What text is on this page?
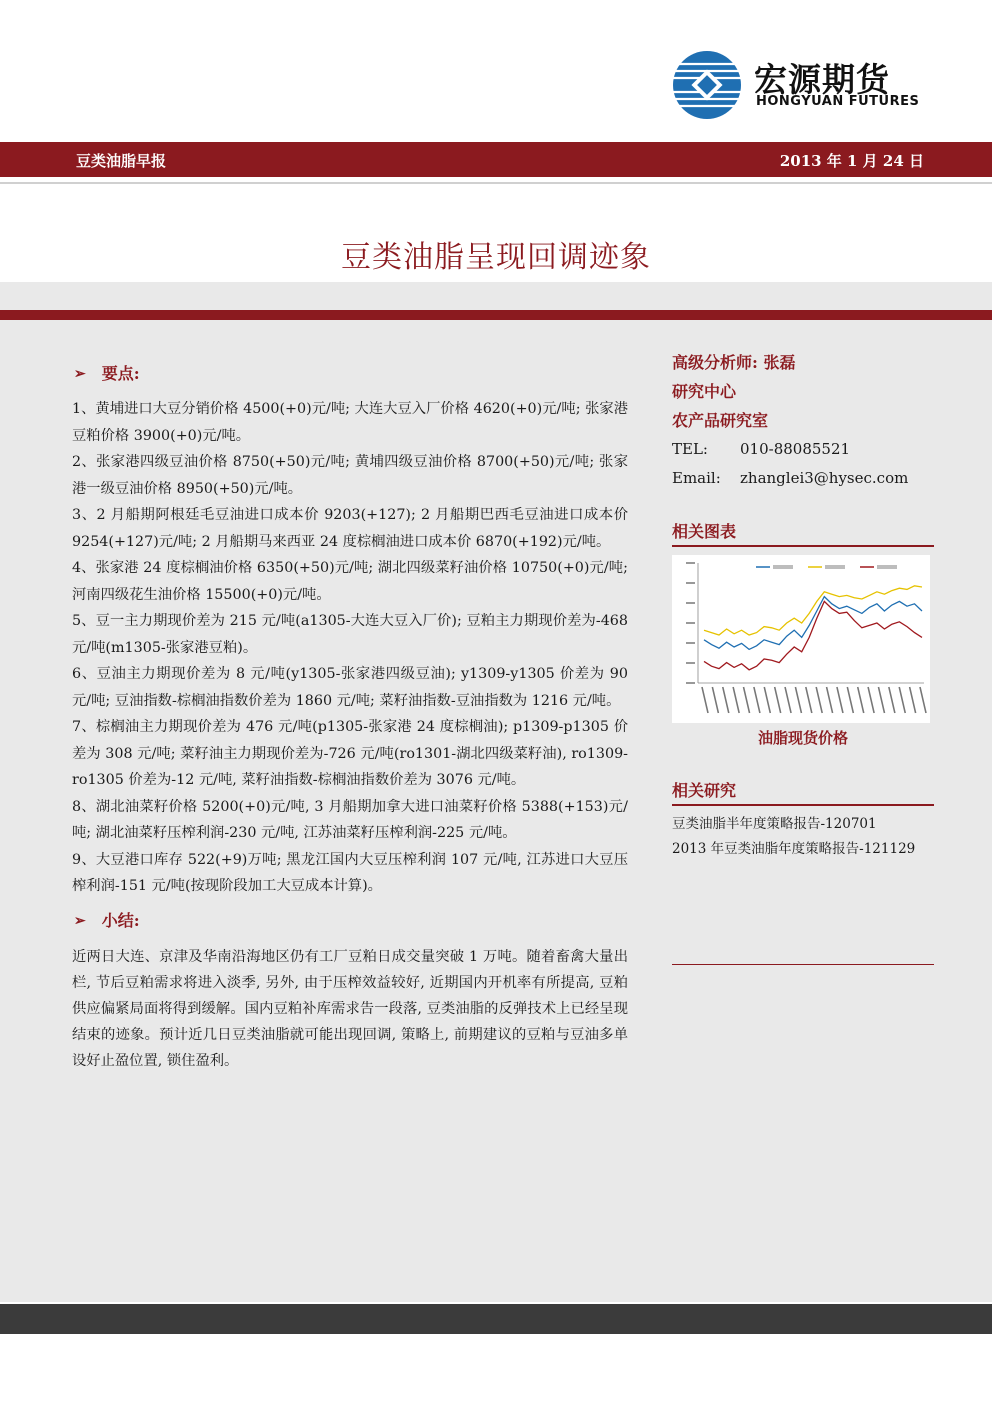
宏源期货
HONGYUAN FUTURES
豆类油脂早报	2013 年 1 月 24 日
豆类油脂呈现回调迹象
➢ 要点:

1、黄埔进口大豆分销价格 4500(+0)元/吨; 大连大豆入厂价格 4620(+0)元/吨; 张家港豆粕价格 3900(+0)元/吨。

2、张家港四级豆油价格 8750(+50)元/吨; 黄埔四级豆油价格 8700(+50)元/吨; 张家港一级豆油价格 8950(+50)元/吨。

3、2 月船期阿根廷毛豆油进口成本价 9203(+127); 2 月船期巴西毛豆油进口成本价 9254(+127)元/吨; 2 月船期马来西亚 24 度棕榈油进口成本价 6870(+192)元/吨。

4、张家港 24 度棕榈油价格 6350(+50)元/吨; 湖北四级菜籽油价格 10750(+0)元/吨; 河南四级花生油价格 15500(+0)元/吨。

5、豆一主力期现价差为 215 元/吨(a1305-大连大豆入厂价); 豆粕主力期现价差为-468 元/吨(m1305-张家港豆粕)。

6、豆油主力期现价差为 8 元/吨(y1305-张家港四级豆油); y1309-y1305 价差为 90 元/吨; 豆油指数-棕榈油指数价差为 1860 元/吨; 菜籽油指数-豆油指数为 1216 元/吨。

7、棕榈油主力期现价差为 476 元/吨(p1305-张家港 24 度棕榈油); p1309-p1305 价差为 308 元/吨; 菜籽油主力期现价差为-726 元/吨(ro1301-湖北四级菜籽油), ro1309-ro1305 价差为-12 元/吨, 菜籽油指数-棕榈油指数价差为 3076 元/吨。

8、湖北油菜籽价格 5200(+0)元/吨, 3 月船期加拿大进口油菜籽价格 5388(+153)元/吨; 湖北油菜籽压榨利润-230 元/吨, 江苏油菜籽压榨利润-225 元/吨。

9、大豆港口库存 522(+9)万吨; 黑龙江国内大豆压榨利润 107 元/吨, 江苏进口大豆压榨利润-151 元/吨(按现阶段加工大豆成本计算)。

➢ 小结:

近两日大连、京津及华南沿海地区仍有工厂豆粕日成交量突破 1 万吨。随着畜禽大量出栏, 节后豆粕需求将进入淡季, 另外, 由于压榨效益较好, 近期国内开机率有所提高, 豆粕供应偏紧局面将得到缓解。国内豆粕补库需求告一段落, 豆类油脂的反弹技术上已经呈现结束的迹象。预计近几日豆类油脂就可能出现回调, 策略上, 前期建议的豆粕与豆油多单设好止盈位置, 锁住盈利。

高级分析师: 张磊
研究中心
农产品研究室
TEL:	010-88085521
Email:	zhanglei3@hysec.com
相关图表
油脂现货价格
相关研究
豆类油脂半年度策略报告-120701
2013 年豆类油脂年度策略报告-121129
